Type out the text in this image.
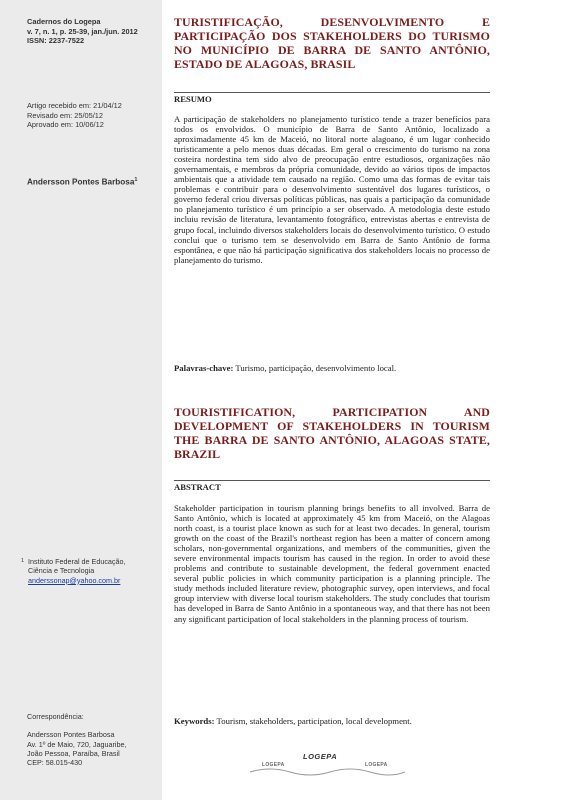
Cadernos do Logepa
v. 7, n. 1, p. 25-39, jan./jun. 2012
ISSN: 2237-7522
Artigo recebido em: 21/04/12
Revisado em: 25/05/12
Aprovado em: 10/06/12
Andersson Pontes Barbosa$^1$
1 Instituto Federal de Educação,
Ciência e Tecnologia
anderssonap@yahoo.com.br
Correspondência:
Andersson Pontes Barbosa
Av. 1º de Maio, 720, Jaguaribe,
João Pessoa, Paraíba, Brasil
CEP: 58.015-430
TURISTIFICAÇÃO, DESENVOLVIMENTO E PARTICIPAÇÃO DOS STAKEHOLDERS DO TURISMO NO MUNICÍPIO DE BARRA DE SANTO ANTÔNIO, ESTADO DE ALAGOAS, BRASIL
RESUMO
A participação de stakeholders no planejamento turístico tende a trazer benefícios para todos os envolvidos. O município de Barra de Santo Antônio, localizado a aproximadamente 45 km de Maceió, no litoral norte alagoano, é um lugar conhecido turisticamente a pelo menos duas décadas. Em geral o crescimento do turismo na zona costeira nordestina tem sido alvo de preocupação entre estudiosos, organizações não governamentais, e membros da própria comunidade, devido ao vários tipos de impactos ambientais que a atividade tem causado na região. Como uma das formas de evitar tais problemas e contribuir para o desenvolvimento sustentável dos lugares turísticos, o governo federal criou diversas políticas públicas, nas quais a participação da comunidade no planejamento turístico é um princípio a ser observado. A metodologia deste estudo incluiu revisão de literatura, levantamento fotográfico, entrevistas abertas e entrevista de grupo focal, incluindo diversos stakeholders locais do desenvolvimento turístico. O estudo conclui que o turismo tem se desenvolvido em Barra de Santo Antônio de forma espontânea, e que não há participação significativa dos stakeholders locais no processo de planejamento do turismo.
Palavras-chave: Turismo, participação, desenvolvimento local.
TOURISTIFICATION, PARTICIPATION AND DEVELOPMENT OF STAKEHOLDERS IN TOURISM THE BARRA DE SANTO ANTÔNIO, ALAGOAS STATE, BRAZIL
ABSTRACT
Stakeholder participation in tourism planning brings benefits to all involved. Barra de Santo Antônio, which is located at approximately 45 km from Maceió, on the Alagoas north coast, is a tourist place known as such for at least two decades. In general, tourism growth on the coast of the Brazil's northeast region has been a matter of concern among scholars, non-governmental organizations, and members of the communities, given the severe environmental impacts tourism has caused in the region. In order to avoid these problems and contribute to sustainable development, the federal government enacted several public policies in which community participation is a planning principle. The study methods included literature review, photographic survey, open interviews, and focal group interview with diverse local tourism stakeholders. The study concludes that tourism has developed in Barra de Santo Antônio in a spontaneous way, and that there has not been any significant participation of local stakeholders in the planning process of tourism.
Keywords: Tourism, stakeholders, participation, local development.
LOGEPA
LOGEPA
LOGEPA
